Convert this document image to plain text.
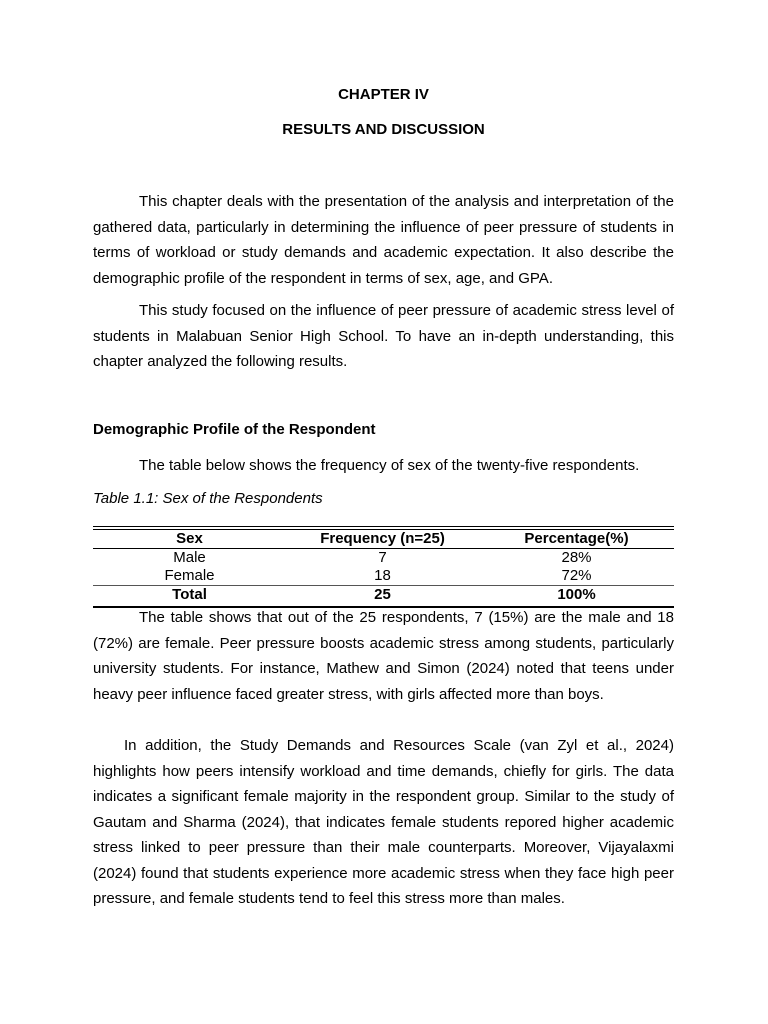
CHAPTER IV
RESULTS AND DISCUSSION

This chapter deals with the presentation of the analysis and interpretation of the gathered data, particularly in determining the influence of peer pressure of students in terms of workload or study demands and academic expectation. It also describe the demographic profile of the respondent in terms of sex, age, and GPA.

This study focused on the influence of peer pressure of academic stress level of students in Malabuan Senior High School. To have an in-depth understanding, this chapter analyzed the following results.

Demographic Profile of the Respondent

The table below shows the frequency of sex of the twenty-five respondents.

Table 1.1: Sex of the Respondents

Sex	Frequency (n=25)	Percentage(%)
Male	7	28%
Female	18	72%
Total	25	100%

The table shows that out of the 25 respondents, 7 (15%) are the male and 18 (72%) are female. Peer pressure boosts academic stress among students, particularly university students. For instance, Mathew and Simon (2024) noted that teens under heavy peer influence faced greater stress, with girls affected more than boys.

In addition, the Study Demands and Resources Scale (van Zyl et al., 2024) highlights how peers intensify workload and time demands, chiefly for girls. The data indicates a significant female majority in the respondent group. Similar to the study of Gautam and Sharma (2024), that indicates female students repored higher academic stress linked to peer pressure than their male counterparts. Moreover, Vijayalaxmi (2024) found that students experience more academic stress when they face high peer pressure, and female students tend to feel this stress more than males.
